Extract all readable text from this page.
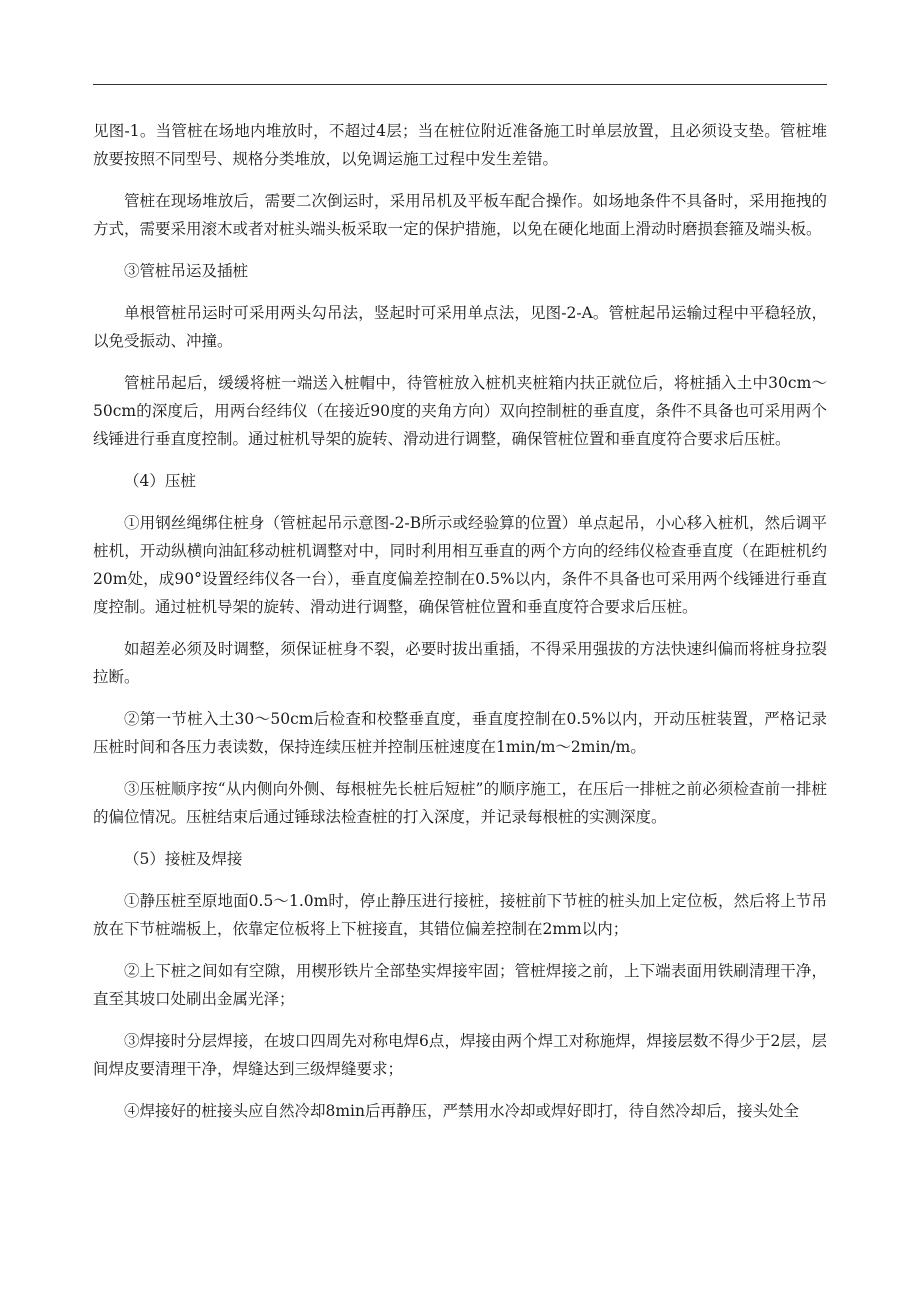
见图-1。当管桩在场地内堆放时，不超过4层；当在桩位附近准备施工时单层放置，且必须设支垫。管桩堆放要按照不同型号、规格分类堆放，以免调运施工过程中发生差错。

管桩在现场堆放后，需要二次倒运时，采用吊机及平板车配合操作。如场地条件不具备时，采用拖拽的方式，需要采用滚木或者对桩头端头板采取一定的保护措施，以免在硬化地面上滑动时磨损套箍及端头板。

③管桩吊运及插桩

单根管桩吊运时可采用两头勾吊法，竖起时可采用单点法，见图-2-A。管桩起吊运输过程中平稳轻放，以免受振动、冲撞。

管桩吊起后，缓缓将桩一端送入桩帽中，待管桩放入桩机夹桩箱内扶正就位后，将桩插入土中30cm～50cm的深度后，用两台经纬仪（在接近90度的夹角方向）双向控制桩的垂直度，条件不具备也可采用两个线锤进行垂直度控制。通过桩机导架的旋转、滑动进行调整，确保管桩位置和垂直度符合要求后压桩。

（4）压桩

①用钢丝绳绑住桩身（管桩起吊示意图-2-B所示或经验算的位置）单点起吊，小心移入桩机，然后调平桩机，开动纵横向油缸移动桩机调整对中，同时利用相互垂直的两个方向的经纬仪检查垂直度（在距桩机约20m处，成90°设置经纬仪各一台），垂直度偏差控制在0.5%以内，条件不具备也可采用两个线锤进行垂直度控制。通过桩机导架的旋转、滑动进行调整，确保管桩位置和垂直度符合要求后压桩。

如超差必须及时调整，须保证桩身不裂，必要时拔出重插，不得采用强拔的方法快速纠偏而将桩身拉裂拉断。

②第一节桩入土30～50cm后检查和校整垂直度，垂直度控制在0.5%以内，开动压桩装置，严格记录压桩时间和各压力表读数，保持连续压桩并控制压桩速度在1min/m～2min/m。

③压桩顺序按“从内侧向外侧、每根桩先长桩后短桩”的顺序施工，在压后一排桩之前必须检查前一排桩的偏位情况。压桩结束后通过锤球法检查桩的打入深度，并记录每根桩的实测深度。

（5）接桩及焊接

①静压桩至原地面0.5～1.0m时，停止静压进行接桩，接桩前下节桩的桩头加上定位板，然后将上节吊放在下节桩端板上，依靠定位板将上下桩接直，其错位偏差控制在2mm以内；

②上下桩之间如有空隙，用楔形铁片全部垫实焊接牢固；管桩焊接之前，上下端表面用铁刷清理干净，直至其坡口处刷出金属光泽；

③焊接时分层焊接，在坡口四周先对称电焊6点，焊接由两个焊工对称施焊，焊接层数不得少于2层，层间焊皮要清理干净，焊缝达到三级焊缝要求；

④焊接好的桩接头应自然冷却8min后再静压，严禁用水冷却或焊好即打，待自然冷却后，接头处全
